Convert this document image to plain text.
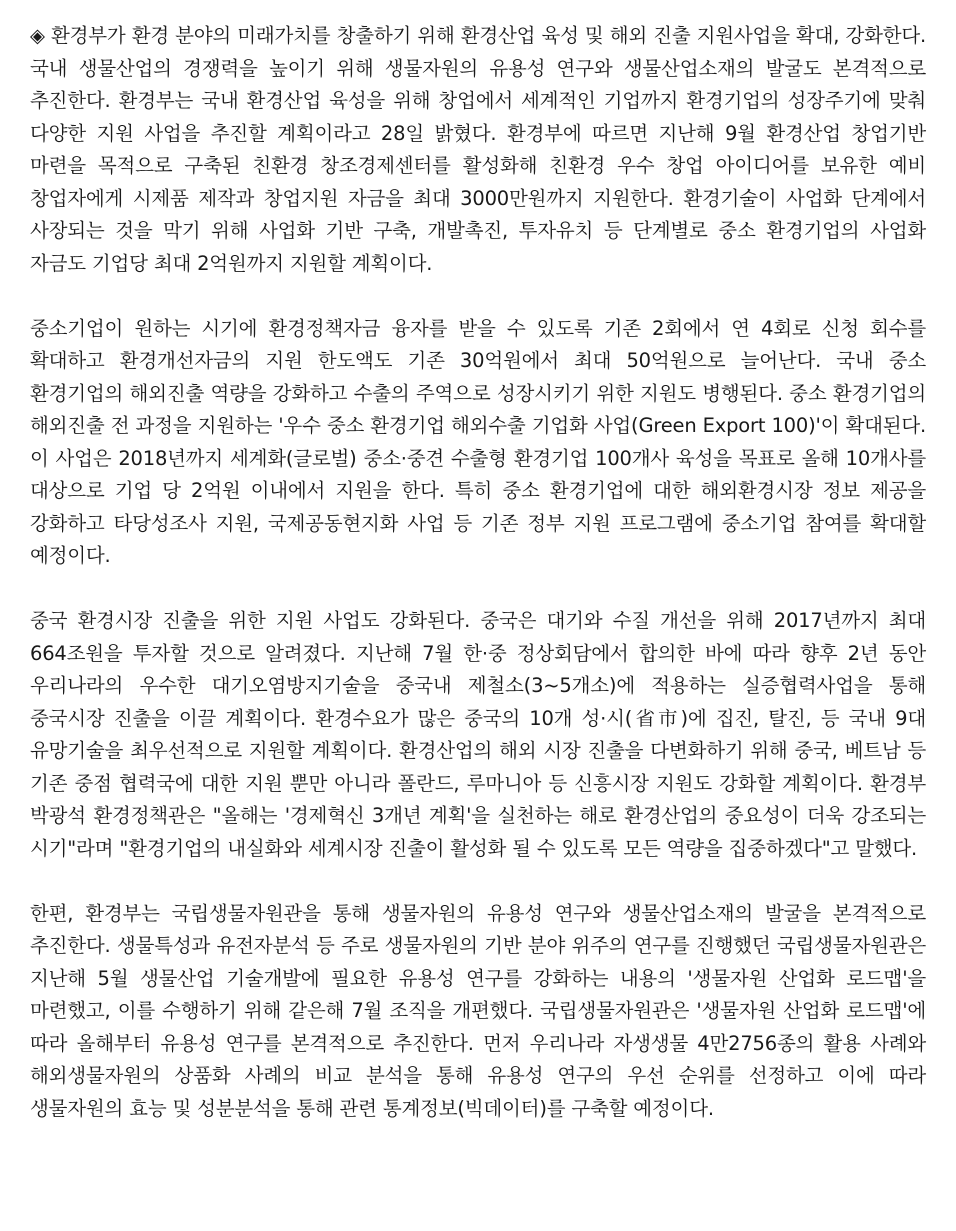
◈ 환경부가 환경 분야의 미래가치를 창출하기 위해 환경산업 육성 및 해외 진출 지원사업을 확대, 강화한다. 국내 생물산업의 경쟁력을 높이기 위해 생물자원의 유용성 연구와 생물산업소재의 발굴도 본격적으로 추진한다. 환경부는 국내 환경산업 육성을 위해 창업에서 세계적인 기업까지 환경기업의 성장주기에 맞춰 다양한 지원 사업을 추진할 계획이라고 28일 밝혔다. 환경부에 따르면 지난해 9월 환경산업 창업기반 마련을 목적으로 구축된 친환경 창조경제센터를 활성화해 친환경 우수 창업 아이디어를 보유한 예비 창업자에게 시제품 제작과 창업지원 자금을 최대 3000만원까지 지원한다. 환경기술이 사업화 단계에서 사장되는 것을 막기 위해 사업화 기반 구축, 개발촉진, 투자유치 등 단계별로 중소 환경기업의 사업화 자금도 기업당 최대 2억원까지 지원할 계획이다.

중소기업이 원하는 시기에 환경정책자금 융자를 받을 수 있도록 기존 2회에서 연 4회로 신청 회수를 확대하고 환경개선자금의 지원 한도액도 기존 30억원에서 최대 50억원으로 늘어난다. 국내 중소 환경기업의 해외진출 역량을 강화하고 수출의 주역으로 성장시키기 위한 지원도 병행된다. 중소 환경기업의 해외진출 전 과정을 지원하는 '우수 중소 환경기업 해외수출 기업화 사업(Green Export 100)'이 확대된다. 이 사업은 2018년까지 세계화(글로벌) 중소·중견 수출형 환경기업 100개사 육성을 목표로 올해 10개사를 대상으로 기업 당 2억원 이내에서 지원을 한다. 특히 중소 환경기업에 대한 해외환경시장 정보 제공을 강화하고 타당성조사 지원, 국제공동현지화 사업 등 기존 정부 지원 프로그램에 중소기업 참여를 확대할 예정이다.

중국 환경시장 진출을 위한 지원 사업도 강화된다. 중국은 대기와 수질 개선을 위해 2017년까지 최대 664조원을 투자할 것으로 알려졌다. 지난해 7월 한·중 정상회담에서 합의한 바에 따라 향후 2년 동안 우리나라의 우수한 대기오염방지기술을 중국내 제철소(3~5개소)에 적용하는 실증협력사업을 통해 중국시장 진출을 이끌 계획이다. 환경수요가 많은 중국의 10개 성·시(省市)에 집진, 탈진, 등 국내 9대 유망기술을 최우선적으로 지원할 계획이다. 환경산업의 해외 시장 진출을 다변화하기 위해 중국, 베트남 등 기존 중점 협력국에 대한 지원 뿐만 아니라 폴란드, 루마니아 등 신흥시장 지원도 강화할 계획이다. 환경부 박광석 환경정책관은 "올해는 '경제혁신 3개년 계획'을 실천하는 해로 환경산업의 중요성이 더욱 강조되는 시기"라며 "환경기업의 내실화와 세계시장 진출이 활성화 될 수 있도록 모든 역량을 집중하겠다"고 말했다.

한편, 환경부는 국립생물자원관을 통해 생물자원의 유용성 연구와 생물산업소재의 발굴을 본격적으로 추진한다. 생물특성과 유전자분석 등 주로 생물자원의 기반 분야 위주의 연구를 진행했던 국립생물자원관은 지난해 5월 생물산업 기술개발에 필요한 유용성 연구를 강화하는 내용의 '생물자원 산업화 로드맵'을 마련했고, 이를 수행하기 위해 같은해 7월 조직을 개편했다. 국립생물자원관은 '생물자원 산업화 로드맵'에 따라 올해부터 유용성 연구를 본격적으로 추진한다. 먼저 우리나라 자생생물 4만2756종의 활용 사례와 해외생물자원의 상품화 사례의 비교 분석을 통해 유용성 연구의 우선 순위를 선정하고 이에 따라 생물자원의 효능 및 성분분석을 통해 관련 통계정보(빅데이터)를 구축할 예정이다.
